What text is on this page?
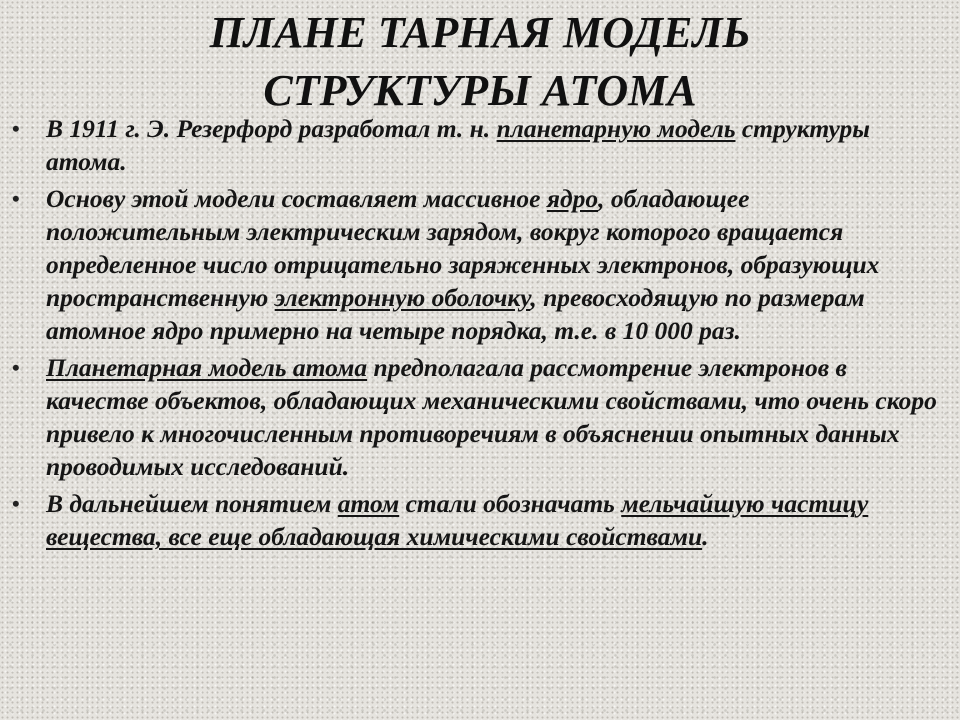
ПЛАНЕ ТАРНАЯ МОДЕЛЬ
СТРУКТУРЫ АТОМА
• В 1911 г. Э. Резерфорд разработал т. н. планетарную модель структуры атома.
• Основу этой модели составляет массивное ядро, обладающее положительным электрическим зарядом, вокруг которого вращается определенное число отрицательно заряженных электронов, образующих пространственную электронную оболочку, превосходящую по размерам атомное ядро примерно на четыре порядка, т.е. в 10 000 раз.
• Планетарная модель атома предполагала рассмотрение электронов в качестве объектов, обладающих механическими свойствами, что очень скоро привело к многочисленным противоречиям в объяснении опытных данных проводимых исследований.
• В дальнейшем понятием атом стали обозначать мельчайшую частицу вещества, все еще обладающая химическими свойствами.
